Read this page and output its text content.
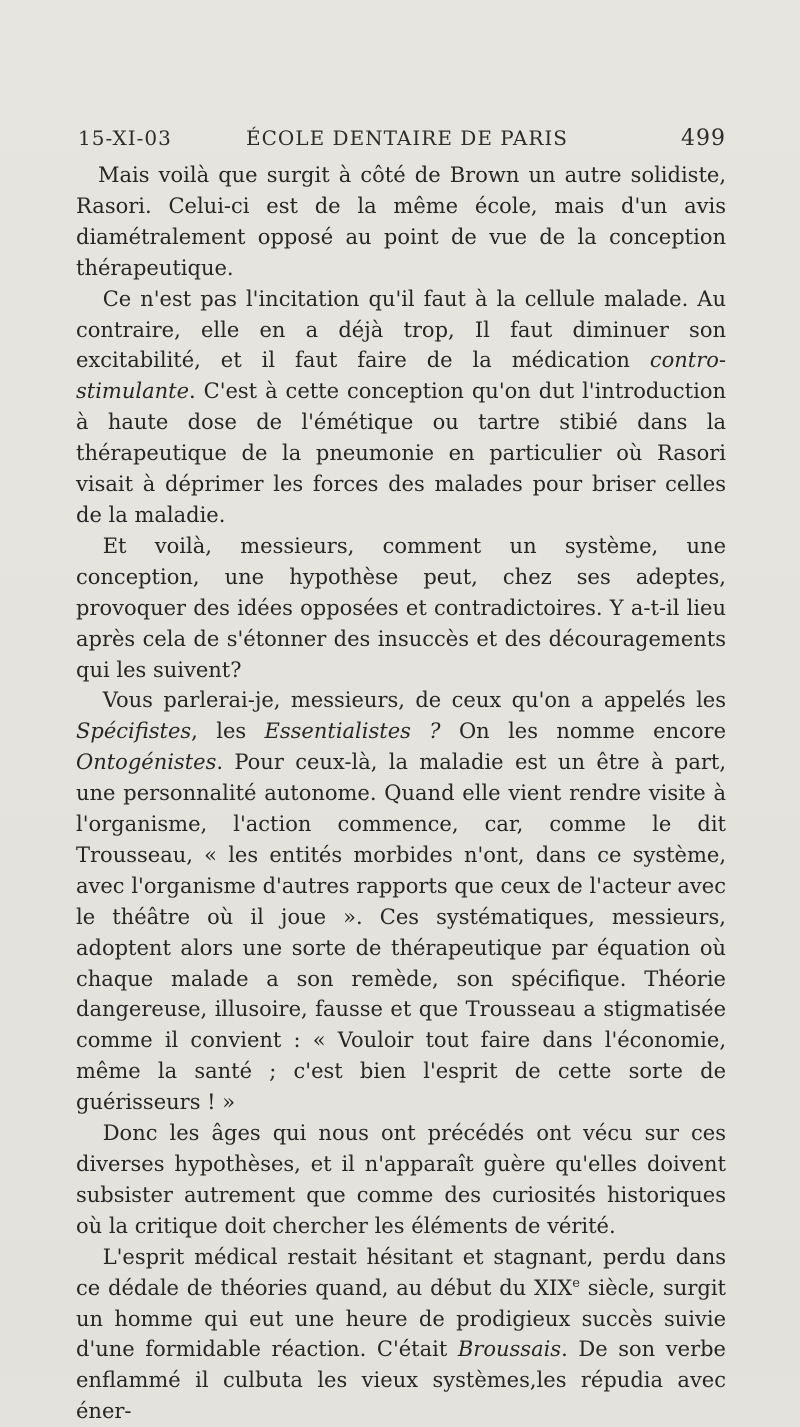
15-XI-03	ÉCOLE DENTAIRE DE PARIS	499

Mais voilà que surgit à côté de Brown un autre solidiste, Rasori. Celui-ci est de la même école, mais d'un avis diamétralement opposé au point de vue de la conception thérapeutique.

Ce n'est pas l'incitation qu'il faut à la cellule malade. Au contraire, elle en a déjà trop, Il faut diminuer son excitabilité, et il faut faire de la médication contro-stimulante. C'est à cette conception qu'on dut l'introduction à haute dose de l'émétique ou tartre stibié dans la thérapeutique de la pneumonie en particulier où Rasori visait à déprimer les forces des malades pour briser celles de la maladie.

Et voilà, messieurs, comment un système, une conception, une hypothèse peut, chez ses adeptes, provoquer des idées opposées et contradictoires. Y a-t-il lieu après cela de s'étonner des insuccès et des découragements qui les suivent?

Vous parlerai-je, messieurs, de ceux qu'on a appelés les Spécifistes, les Essentialistes ? On les nomme encore Ontogénistes. Pour ceux-là, la maladie est un être à part, une personnalité autonome. Quand elle vient rendre visite à l'organisme, l'action commence, car, comme le dit Trousseau, « les entités morbides n'ont, dans ce système, avec l'organisme d'autres rapports que ceux de l'acteur avec le théâtre où il joue ». Ces systématiques, messieurs, adoptent alors une sorte de thérapeutique par équation où chaque malade a son remède, son spécifique. Théorie dangereuse, illusoire, fausse et que Trousseau a stigmatisée comme il convient : « Vouloir tout faire dans l'économie, même la santé ; c'est bien l'esprit de cette sorte de guérisseurs ! »

Donc les âges qui nous ont précédés ont vécu sur ces diverses hypothèses, et il n'apparaît guère qu'elles doivent subsister autrement que comme des curiosités historiques où la critique doit chercher les éléments de vérité.

L'esprit médical restait hésitant et stagnant, perdu dans ce dédale de théories quand, au début du XIXe siècle, surgit un homme qui eut une heure de prodigieux succès suivie d'une formidable réaction. C'était Broussais. De son verbe enflammé il culbuta les vieux systèmes,les répudia avec éner-
